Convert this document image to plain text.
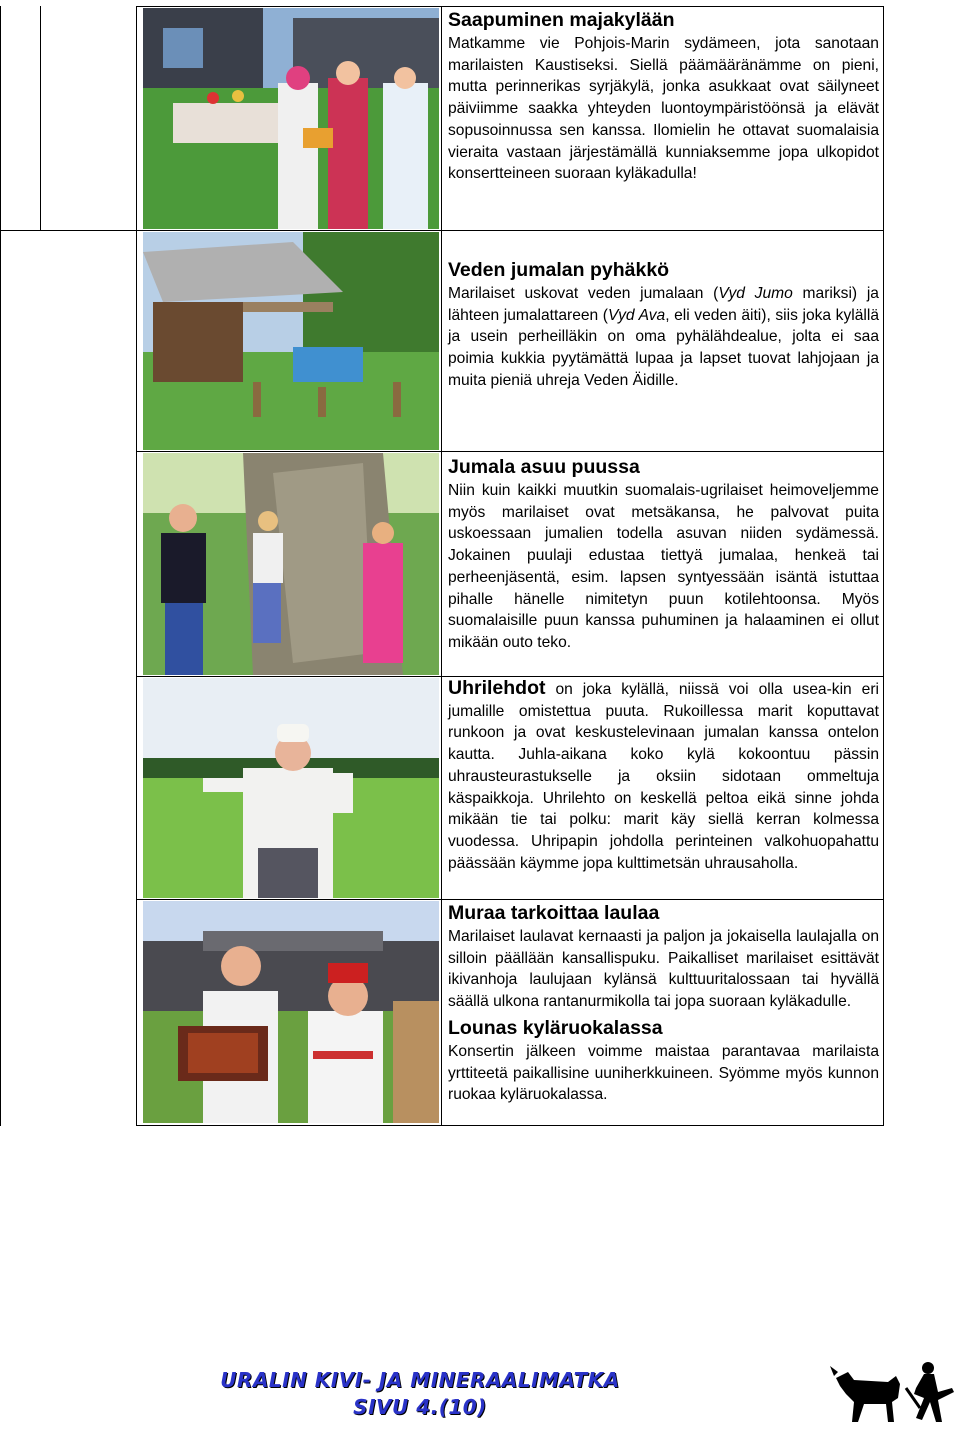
Saapuminen majakylään

Matkamme vie Pohjois-Marin sydämeen, jota sanotaan marilaisten Kaustiseksi. Siellä päämääränämme on pieni, mutta perinnerikas syrjäkylä, jonka asukkaat ovat säilyneet päiviimme saakka yhteyden luontoympäristöönsä ja elävät sopusoinnussa sen kanssa. Ilomielin he ottavat suomalaisia vieraita vastaan järjestämällä kunniaksemme jopa ulkopidot konsertteineen suoraan kyläkadulla!

Veden jumalan pyhäkkö

Marilaiset uskovat veden jumalaan (Vyd Jumo mariksi) ja lähteen jumalattareen (Vyd Ava, eli veden äiti), siis joka kylällä ja usein perheilläkin on oma pyhälähdealue, jolta ei saa poimia kukkia pyytämättä lupaa ja lapset tuovat lahjojaan ja muita pieniä uhreja Veden Äidille.

Jumala asuu puussa

Niin kuin kaikki muutkin suomalais-ugrilaiset heimoveljemme myös marilaiset ovat metsäkansa, he palvovat puita uskoessaan jumalien todella asuvan niiden sydämessä. Jokainen puulaji edustaa tiettyä jumalaa, henkeä tai perheenjäsentä, esim. lapsen syntyessään isäntä istuttaa pihalle hänelle nimitetyn puun kotilehtoonsa. Myös suomalaisille puun kanssa puhuminen ja halaaminen ei ollut mikään outo teko.

Uhrilehdot on joka kylällä, niissä voi olla usea-kin eri jumalille omistettua puuta. Rukoillessa marit koputtavat runkoon ja ovat keskustelevinaan jumalan kanssa ontelon kautta. Juhla-aikana koko kylä kokoontuu pässin uhrausteurastukselle ja oksiin sidotaan ommeltuja käspaikkoja. Uhrilehto on keskellä peltoa eikä sinne johda mikään tie tai polku: marit käy siellä kerran kolmessa vuodessa. Uhripapin johdolla perinteinen valkohuopahattu päässään käymme jopa kulttimetsän uhrausaholla.

Muraa tarkoittaa laulaa

Marilaiset laulavat kernaasti ja paljon ja jokaisella laulajalla on silloin päällään kansallispuku. Paikalliset marilaiset esittävät ikivanhoja laulujaan kylänsä kulttuuritalossaan tai hyvällä säällä ulkona rantanurmikolla tai jopa suoraan kyläkadulle.

Lounas kyläruokalassa

Konsertin jälkeen voimme maistaa parantavaa marilaista yrttiteetä paikallisine uuniherkkuineen. Syömme myös kunnon ruokaa kyläruokalassa.

URALIN KIVI- JA MINERAALIMATKA
SIVU 4.(10)
